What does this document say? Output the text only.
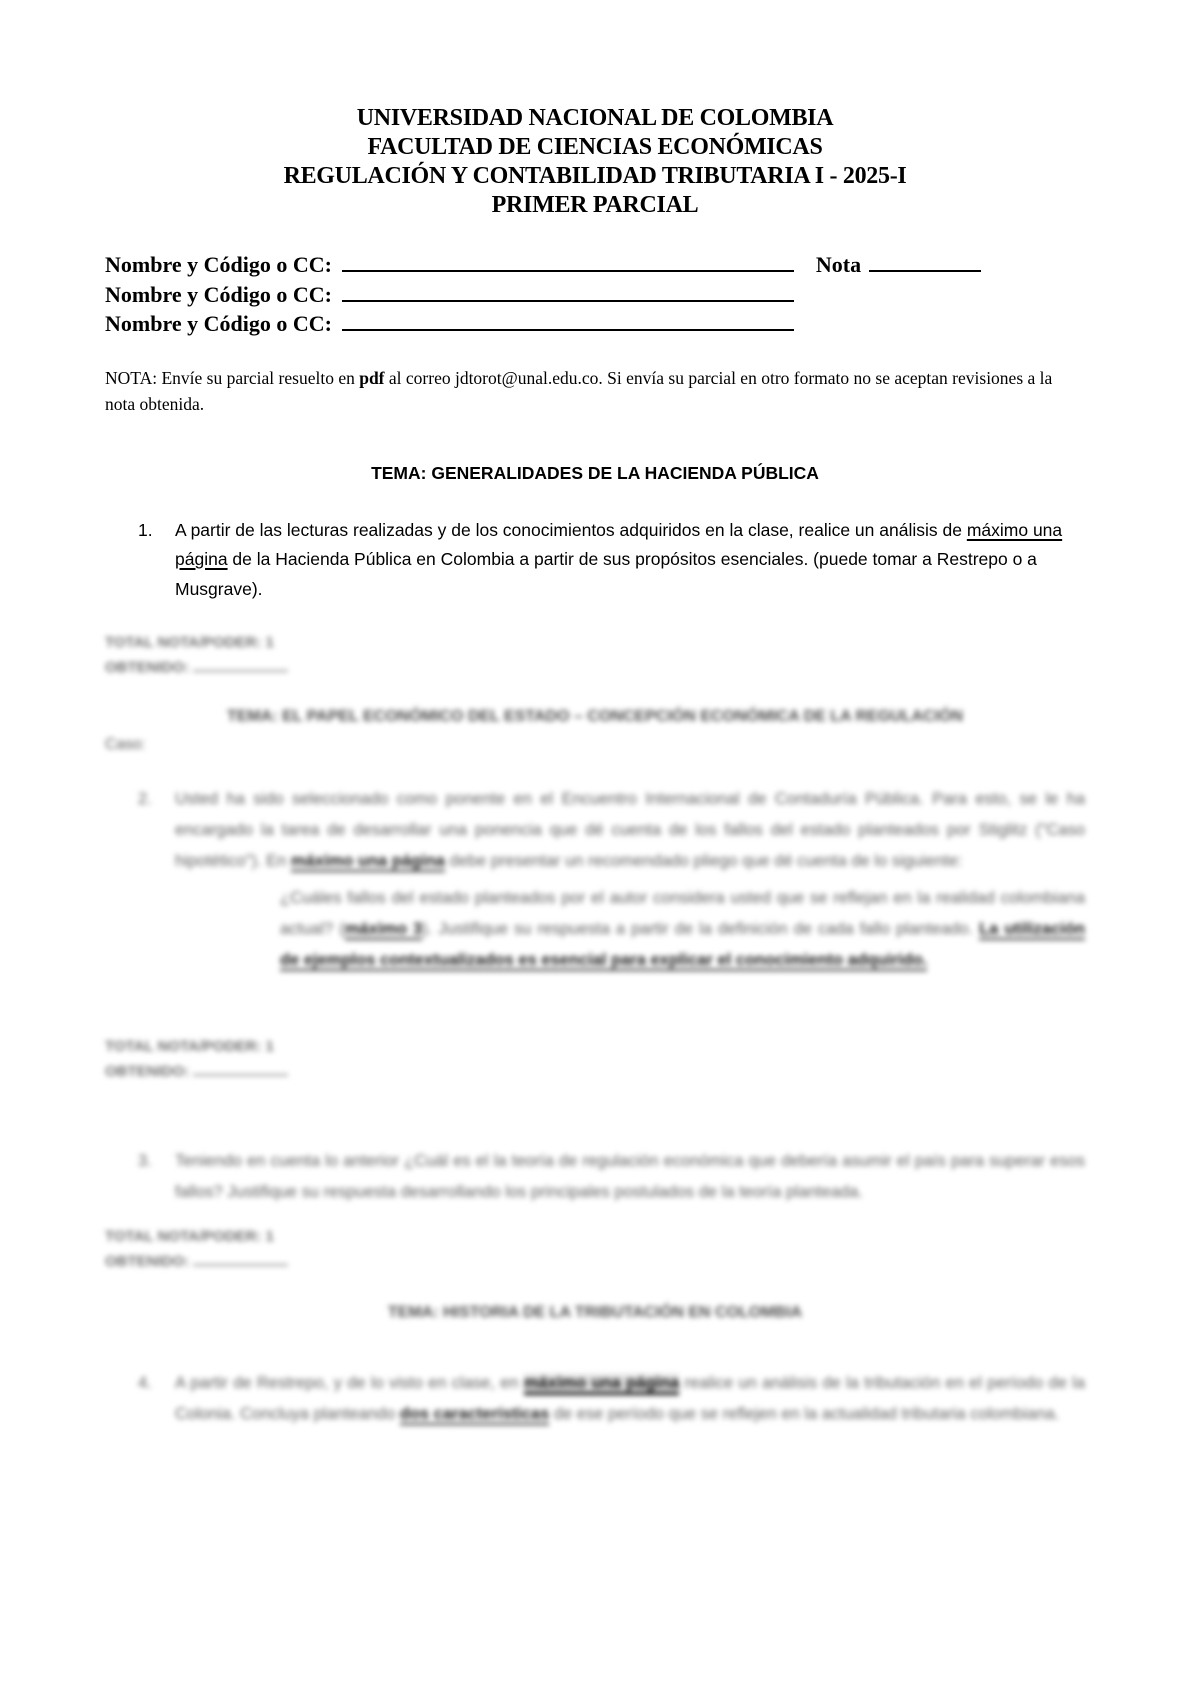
UNIVERSIDAD NACIONAL DE COLOMBIA
FACULTAD DE CIENCIAS ECONÓMICAS
REGULACIÓN Y CONTABILIDAD TRIBUTARIA I - 2025-I
PRIMER PARCIAL
Nombre y Código o CC:	Nota
Nombre y Código o CC:
Nombre y Código o CC:

NOTA: Envíe su parcial resuelto en pdf al correo jdtorot@unal.edu.co. Si envía su parcial en otro formato no se aceptan revisiones a la nota obtenida.

TEMA: GENERALIDADES DE LA HACIENDA PÚBLICA
1.	A partir de las lecturas realizadas y de los conocimientos adquiridos en la clase, realice un análisis de máximo una página de la Hacienda Pública en Colombia a partir de sus propósitos esenciales. (puede tomar a Restrepo o a Musgrave).
TOTAL NOTA/PODER: 1
OBTENIDO:
TEMA: EL PAPEL ECONÓMICO DEL ESTADO – CONCEPCIÓN ECONÓMICA DE LA REGULACIÓN

Caso:

2.	Usted ha sido seleccionado como ponente en el Encuentro Internacional de Contaduría Pública. Para esto, se le ha encargado la tarea de desarrollar una ponencia que dé cuenta de los fallos del estado planteados por Stiglitz ("Caso hipotético"). En máximo una página debe presentar un recomendado pliego que dé cuenta de lo siguiente:
¿Cuáles fallos del estado planteados por el autor considera usted que se reflejan en la realidad colombiana actual? (máximo 3). Justifique su respuesta a partir de la definición de cada fallo planteado. La utilización de ejemplos contextualizados es esencial para explicar el conocimiento adquirido.
TOTAL NOTA/PODER: 1
OBTENIDO:
3.	Teniendo en cuenta lo anterior ¿Cuál es el la teoría de regulación económica que debería asumir el país para superar esos fallos? Justifique su respuesta desarrollando los principales postulados de la teoría planteada.
TOTAL NOTA/PODER: 1
OBTENIDO:
TEMA: HISTORIA DE LA TRIBUTACIÓN EN COLOMBIA
4.	A partir de Restrepo, y de lo visto en clase, en máximo una página realice un análisis de la tributación en el período de la Colonia. Concluya planteando dos características de ese período que se reflejen en la actualidad tributaria colombiana.
